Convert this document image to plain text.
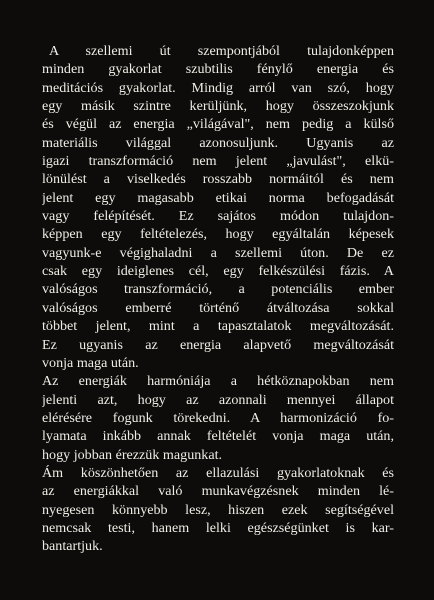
A szellemi út szempontjából tulajdonképpen
minden gyakorlat szubtilis fénylő energia és
meditációs gyakorlat. Mindig arról van szó, hogy
egy másik szintre kerüljünk, hogy összeszokjunk
és végül az energia „világával", nem pedig a külső
materiális világgal azonosuljunk. Ugyanis az
igazi transzformáció nem jelent „javulást", elkü-
lönülést a viselkedés rosszabb normáitól és nem
jelent egy magasabb etikai norma befogadását
vagy felépítését. Ez sajátos módon tulajdon-
képpen egy feltételezés, hogy egyáltalán képesek
vagyunk-e végighaladni a szellemi úton. De ez
csak egy ideiglenes cél, egy felkészülési fázis. A
valóságos transzformáció, a potenciális ember
valóságos emberré történő átváltozása sokkal
többet jelent, mint a tapasztalatok megváltozását.
Ez ugyanis az energia alapvető megváltozását
vonja maga után.
Az energiák harmóniája a hétköznapokban nem
jelenti azt, hogy az azonnali mennyei állapot
elérésére fogunk törekedni. A harmonizáció fo-
lyamata inkább annak feltételét vonja maga után,
hogy jobban érezzük magunkat.
Ám köszönhetően az ellazulási gyakorlatoknak és
az energiákkal való munkavégzésnek minden lé-
nyegesen könnyebb lesz, hiszen ezek segítségével
nemcsak testi, hanem lelki egészségünket is kar-
bantartjuk.
